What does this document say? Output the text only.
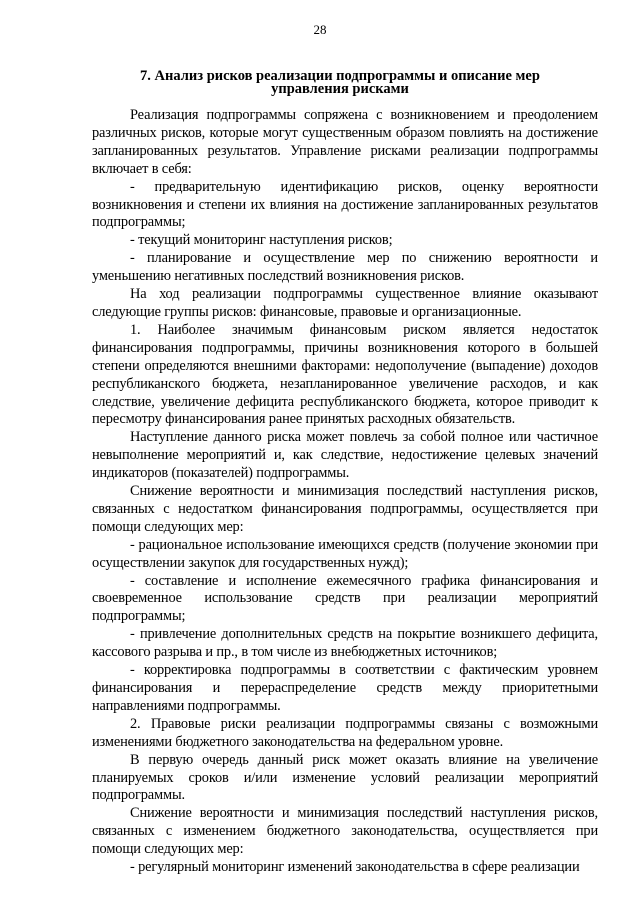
28
7. Анализ рисков реализации подпрограммы и описание мер управления рисками

Реализация подпрограммы сопряжена с возникновением и преодолением различных рисков, которые могут существенным образом повлиять на достижение запланированных результатов. Управление рисками реализации подпрограммы включает в себя:

- предварительную идентификацию рисков, оценку вероятности возникновения и степени их влияния на достижение запланированных результатов подпрограммы;

- текущий мониторинг наступления рисков;

- планирование и осуществление мер по снижению вероятности и уменьшению негативных последствий возникновения рисков.

На ход реализации подпрограммы существенное влияние оказывают следующие группы рисков: финансовые, правовые и организационные.

1. Наиболее значимым финансовым риском является недостаток финансирования подпрограммы, причины возникновения которого в большей степени определяются внешними факторами: недополучение (выпадение) доходов республиканского бюджета, незапланированное увеличение расходов, и как следствие, увеличение дефицита республиканского бюджета, которое приводит к пересмотру финансирования ранее принятых расходных обязательств.

Наступление данного риска может повлечь за собой полное или частичное невыполнение мероприятий и, как следствие, недостижение целевых значений индикаторов (показателей) подпрограммы.

Снижение вероятности и минимизация последствий наступления рисков, связанных с недостатком финансирования подпрограммы, осуществляется при помощи следующих мер:

- рациональное использование имеющихся средств (получение экономии при осуществлении закупок для государственных нужд);

- составление и исполнение ежемесячного графика финансирования и своевременное использование средств при реализации мероприятий подпрограммы;

- привлечение дополнительных средств на покрытие возникшего дефицита, кассового разрыва и пр., в том числе из внебюджетных источников;

- корректировка подпрограммы в соответствии с фактическим уровнем финансирования и перераспределение средств между приоритетными направлениями подпрограммы.

2. Правовые риски реализации подпрограммы связаны с возможными изменениями бюджетного законодательства на федеральном уровне.

В первую очередь данный риск может оказать влияние на увеличение планируемых сроков и/или изменение условий реализации мероприятий подпрограммы.

Снижение вероятности и минимизация последствий наступления рисков, связанных с изменением бюджетного законодательства, осуществляется при помощи следующих мер:

- регулярный мониторинг изменений законодательства в сфере реализации
